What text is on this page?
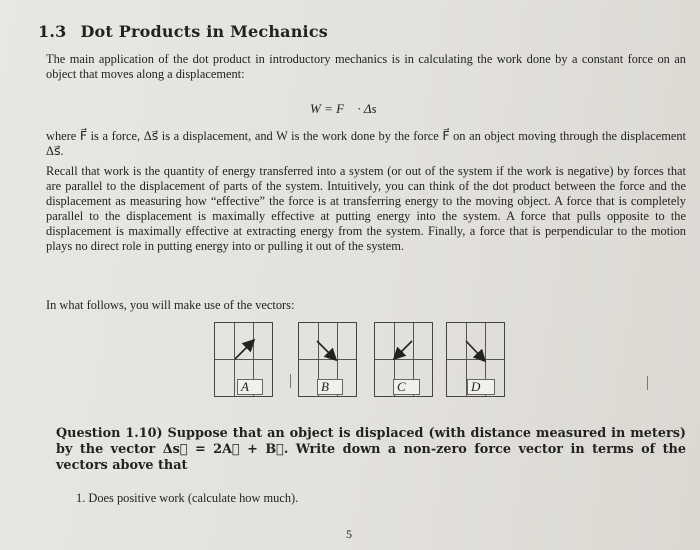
1.3 Dot Products in Mechanics
The main application of the dot product in introductory mechanics is in calculating the work done by a constant force on an object that moves along a displacement:
W = F⃗ · Δs⃗
where F⃗ is a force, Δs⃗ is a displacement, and W is the work done by the force F⃗ on an object moving through the displacement Δs⃗.
Recall that work is the quantity of energy transferred into a system (or out of the system if the work is negative) by forces that are parallel to the displacement of parts of the system. Intuitively, you can think of the dot product between the force and the displacement as measuring how “effective” the force is at transferring energy to the moving object. A force that is completely parallel to the displacement is maximally effective at putting energy into the system. A force that pulls opposite to the displacement is maximally effective at extracting energy from the system. Finally, a force that is perpendicular to the motion plays no direct role in putting energy into or pulling it out of the system.
In what follows, you will make use of the vectors:
A⃗	B⃗	C⃗	D⃗
Question 1.10) Suppose that an object is displaced (with distance measured in meters) by the vector Δs⃗ = 2A⃗ + B⃗. Write down a non-zero force vector in terms of the vectors above that
1. Does positive work (calculate how much).
5
